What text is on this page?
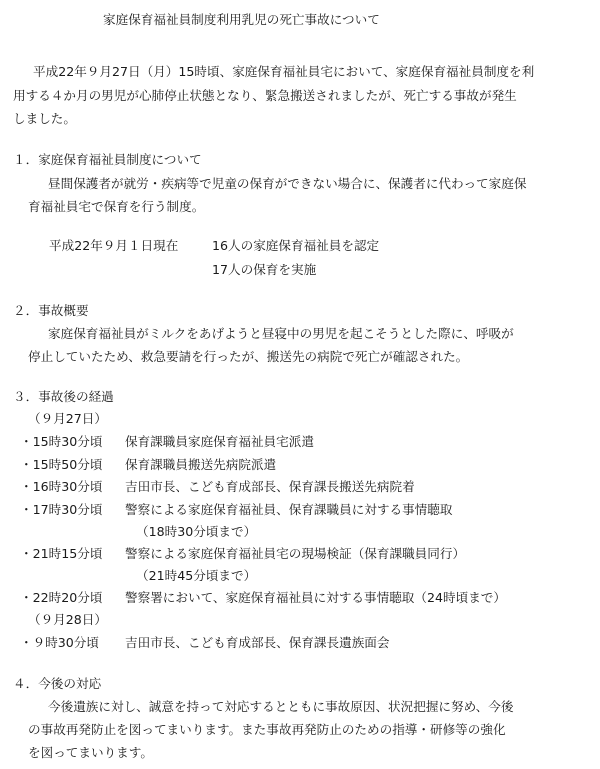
家庭保育福祉員制度利用乳児の死亡事故について
平成22年９月27日（月）15時頃、家庭保育福祉員宅において、家庭保育福祉員制度を利
用する４か月の男児が心肺停止状態となり、緊急搬送されましたが、死亡する事故が発生
しました。
１．家庭保育福祉員制度について
昼間保護者が就労・疾病等で児童の保育ができない場合に、保護者に代わって家庭保
育福祉員宅で保育を行う制度。
平成22年９月１日現在	16人の家庭保育福祉員を認定
17人の保育を実施
２．事故概要
家庭保育福祉員がミルクをあげようと昼寝中の男児を起こそうとした際に、呼吸が
停止していたため、救急要請を行ったが、搬送先の病院で死亡が確認された。
３．事故後の経過
（９月27日）
・15時30分頃 保育課職員家庭保育福祉員宅派遣
・15時50分頃 保育課職員搬送先病院派遣
・16時30分頃 吉田市長、こども育成部長、保育課長搬送先病院着
・17時30分頃 警察による家庭保育福祉員、保育課職員に対する事情聴取
（18時30分頃まで）
・21時15分頃 警察による家庭保育福祉員宅の現場検証（保育課職員同行）
（21時45分頃まで）
・22時20分頃 警察署において、家庭保育福祉員に対する事情聴取（24時頃まで）
（９月28日）
・９時30分頃 吉田市長、こども育成部長、保育課長遺族面会
４．今後の対応
今後遺族に対し、誠意を持って対応するとともに事故原因、状況把握に努め、今後
の事故再発防止を図ってまいります。また事故再発防止のための指導・研修等の強化
を図ってまいります。
